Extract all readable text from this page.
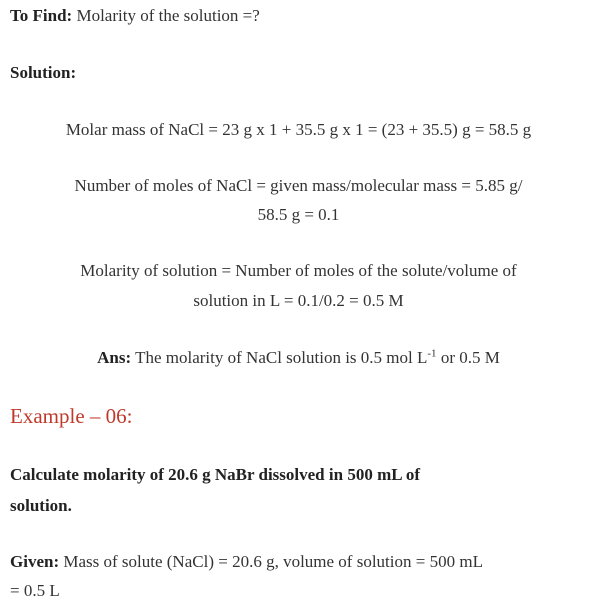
To Find: Molarity of the solution =?
Solution:
Molar mass of NaCl = 23 g x 1 + 35.5 g x 1 = (23 + 35.5) g = 58.5 g
Number of moles of NaCl = given mass/molecular mass = 5.85 g/
58.5 g = 0.1
Molarity of solution = Number of moles of the solute/volume of
solution in L = 0.1/0.2 = 0.5 M
Ans: The molarity of NaCl solution is 0.5 mol $L^{-1}$ or 0.5 M
Example – 06:
Calculate molarity of 20.6 g NaBr dissolved in 500 mL of
solution.
Given: Mass of solute (NaCl) = 20.6 g, volume of solution = 500 mL
= 0.5 L
